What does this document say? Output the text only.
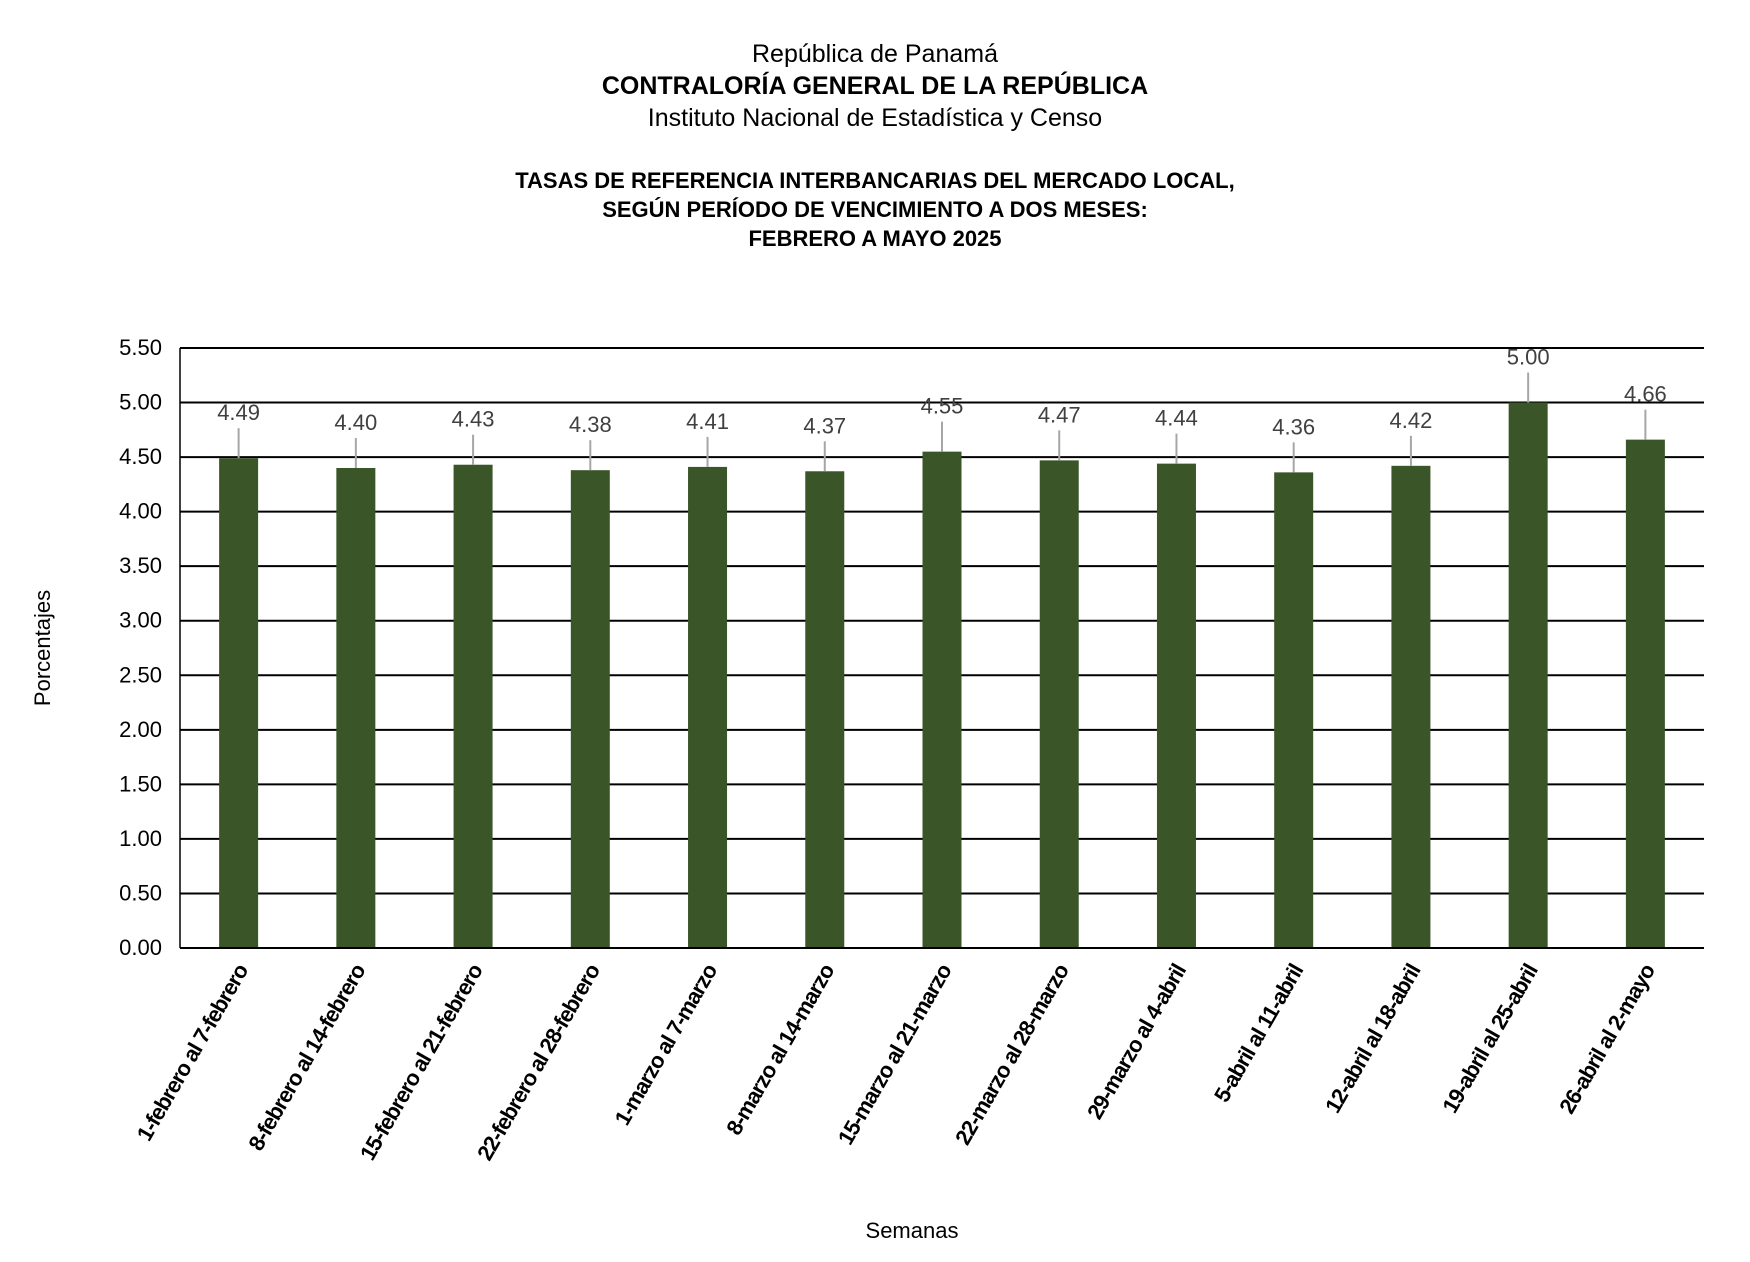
República de Panamá
CONTRALORÍA GENERAL DE LA REPÚBLICA
Instituto Nacional de Estadística y Censo
TASAS DE REFERENCIA INTERBANCARIAS DEL MERCADO LOCAL,
SEGÚN PERÍODO DE VENCIMIENTO A DOS MESES:
FEBRERO A MAYO 2025
0.00
0.50
1.00
1.50
2.00
2.50
3.00
3.50
4.00
4.50
5.00
5.50
4.49
1-febrero al 7-febrero
4.40
8-febrero al 14-febrero
4.43
15-febrero al 21-febrero
4.38
22-febrero al 28-febrero
4.41
1-marzo al 7-marzo
4.37
8-marzo al 14-marzo
4.55
15-marzo al 21-marzo
4.47
22-marzo al 28-marzo
4.44
29-marzo al 4-abril
4.36
5-abril al 11-abril
4.42
12-abril al 18-abril
5.00
19-abril al 25-abril
4.66
26-abril al 2-mayo
Porcentajes
Semanas
